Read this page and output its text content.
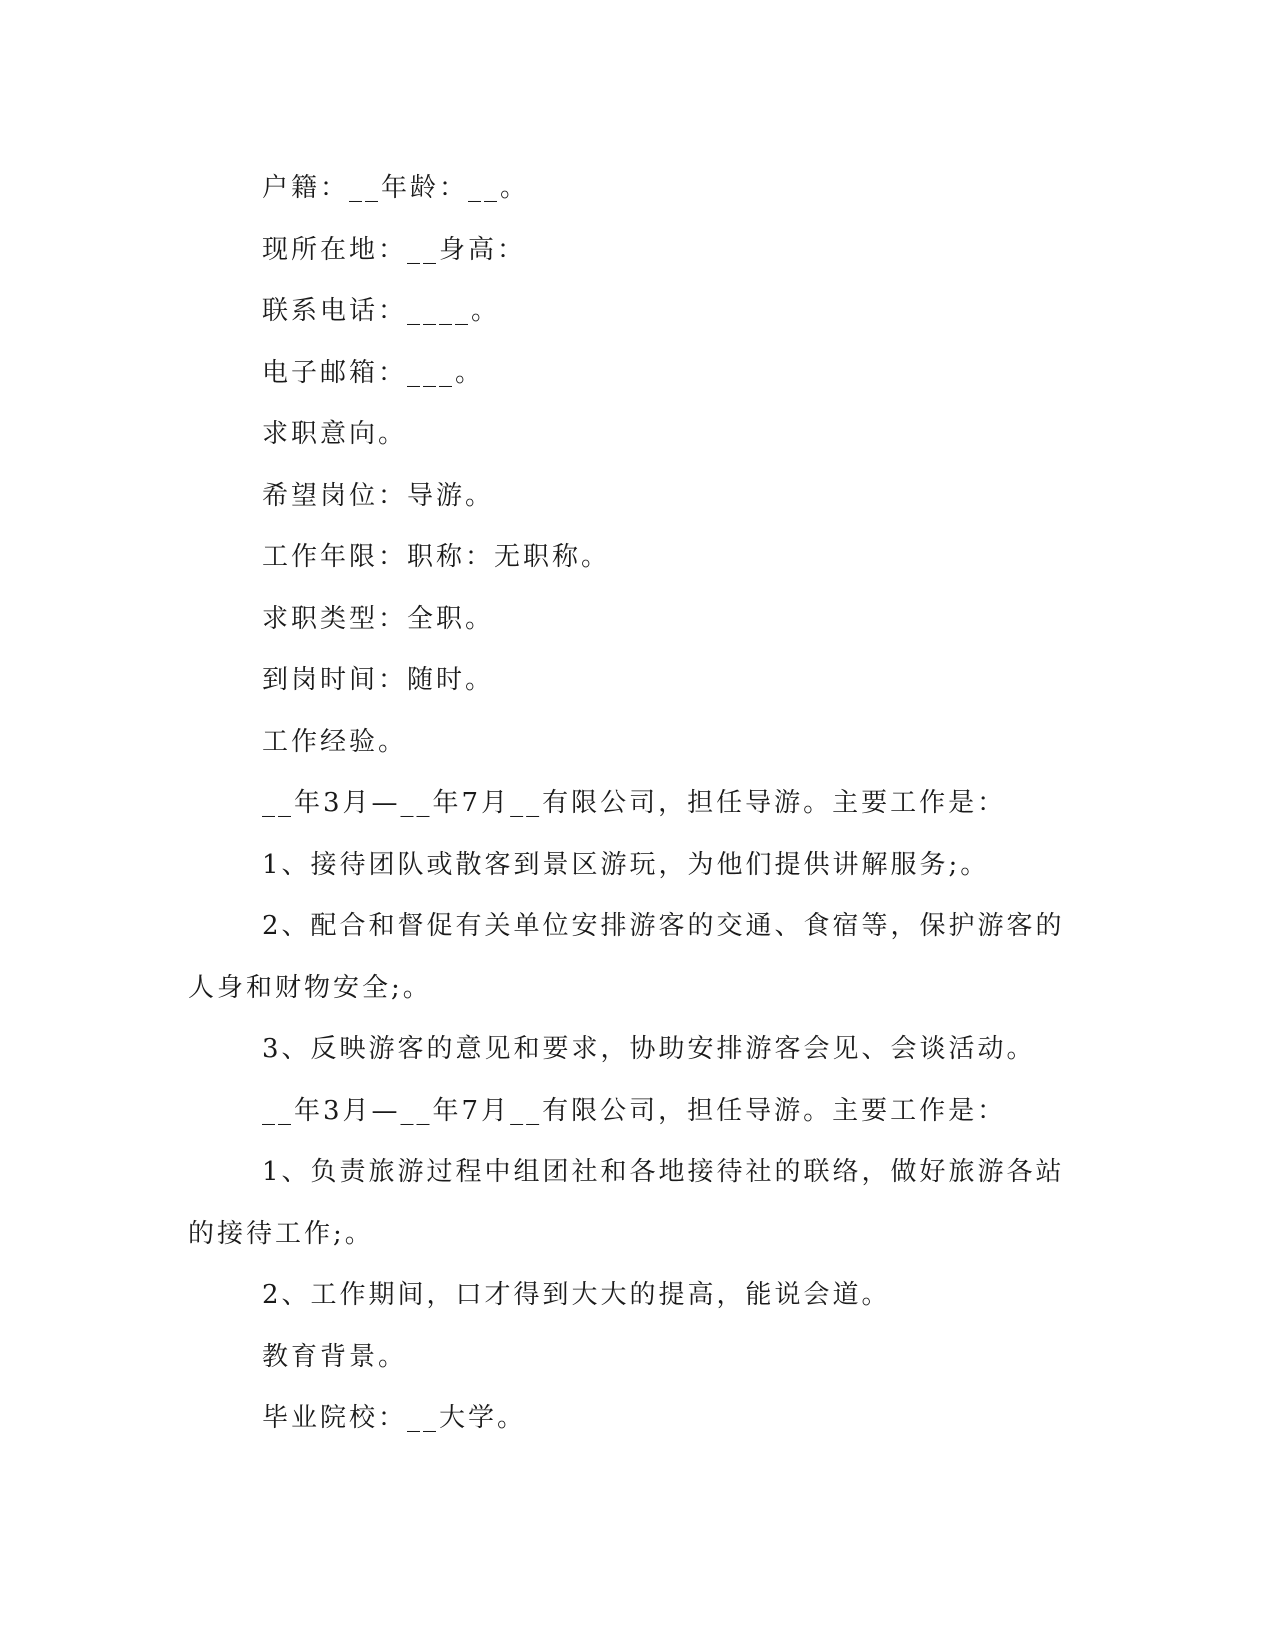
户籍：__年龄：__。

现所在地：__身高：

联系电话：____。

电子邮箱：___。

求职意向。

希望岗位：导游。

工作年限：职称：无职称。

求职类型：全职。

到岗时间：随时。

工作经验。

__年3月—__年7月__有限公司，担任导游。主要工作是：

1、接待团队或散客到景区游玩，为他们提供讲解服务;。

2、配合和督促有关单位安排游客的交通、食宿等，保护游客的人身和财物安全;。

3、反映游客的意见和要求，协助安排游客会见、会谈活动。

__年3月—__年7月__有限公司，担任导游。主要工作是：

1、负责旅游过程中组团社和各地接待社的联络，做好旅游各站的接待工作;。

2、工作期间，口才得到大大的提高，能说会道。

教育背景。

毕业院校：__大学。
